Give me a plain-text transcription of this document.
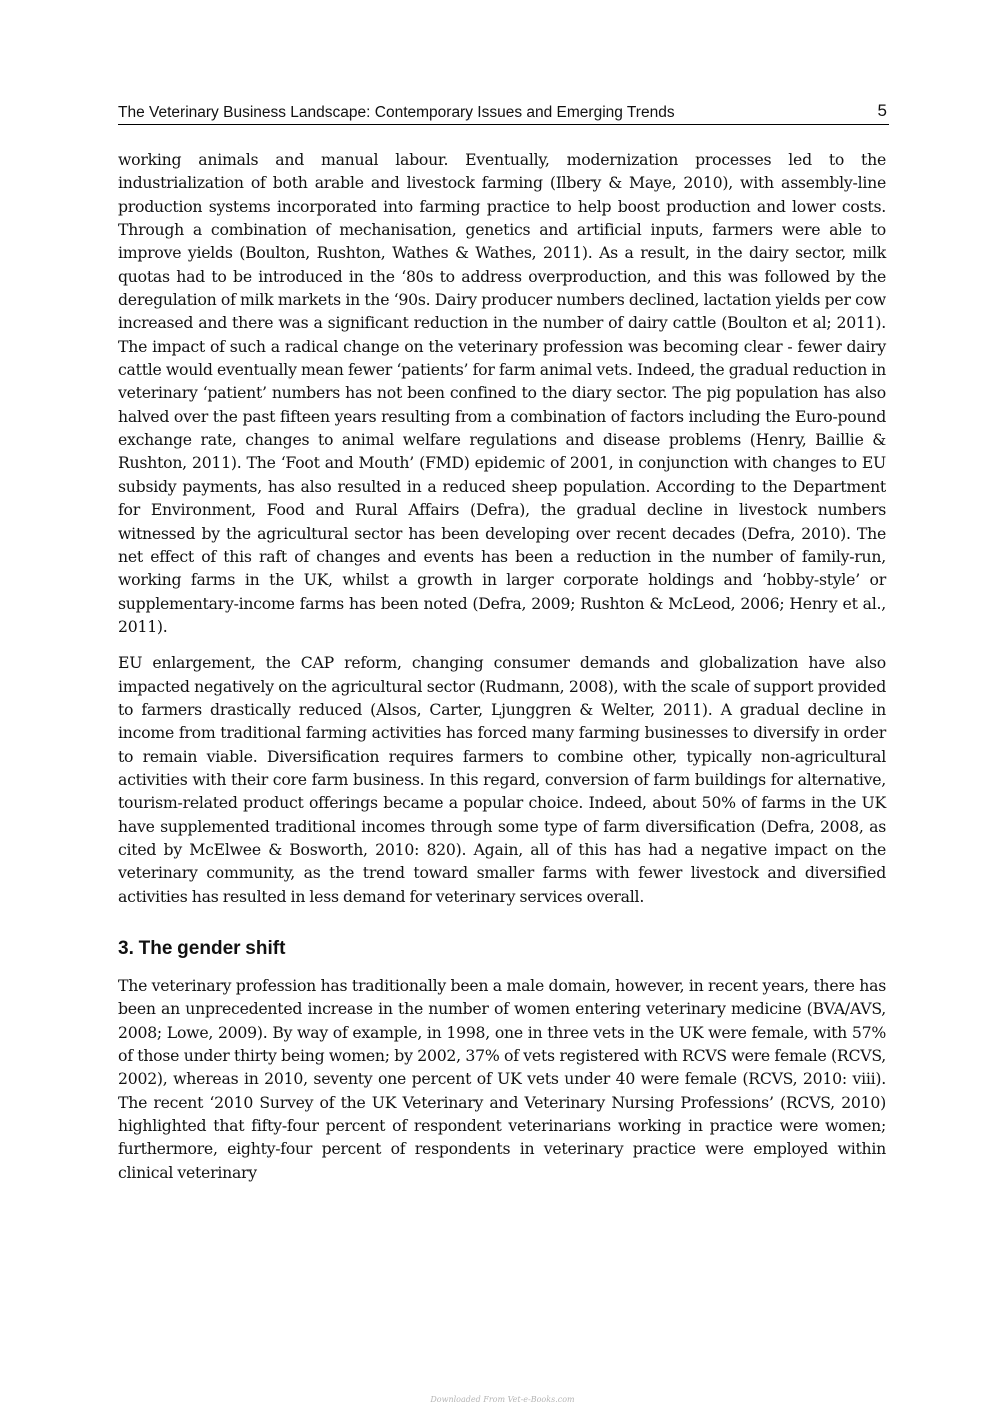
The Veterinary Business Landscape: Contemporary Issues and Emerging Trends	5

working animals and manual labour. Eventually, modernization processes led to the industrialization of both arable and livestock farming (Ilbery & Maye, 2010), with assembly-line production systems incorporated into farming practice to help boost production and lower costs. Through a combination of mechanisation, genetics and artificial inputs, farmers were able to improve yields (Boulton, Rushton, Wathes & Wathes, 2011). As a result, in the dairy sector, milk quotas had to be introduced in the ‘80s to address overproduction, and this was followed by the deregulation of milk markets in the ‘90s. Dairy producer numbers declined, lactation yields per cow increased and there was a significant reduction in the number of dairy cattle (Boulton et al; 2011). The impact of such a radical change on the veterinary profession was becoming clear - fewer dairy cattle would eventually mean fewer ‘patients’ for farm animal vets. Indeed, the gradual reduction in veterinary ‘patient’ numbers has not been confined to the diary sector. The pig population has also halved over the past fifteen years resulting from a combination of factors including the Euro-pound exchange rate, changes to animal welfare regulations and disease problems (Henry, Baillie & Rushton, 2011). The ‘Foot and Mouth’ (FMD) epidemic of 2001, in conjunction with changes to EU subsidy payments, has also resulted in a reduced sheep population. According to the Department for Environment, Food and Rural Affairs (Defra), the gradual decline in livestock numbers witnessed by the agricultural sector has been developing over recent decades (Defra, 2010). The net effect of this raft of changes and events has been a reduction in the number of family-run, working farms in the UK, whilst a growth in larger corporate holdings and ‘hobby-style’ or supplementary-income farms has been noted (Defra, 2009; Rushton & McLeod, 2006; Henry et al., 2011).

EU enlargement, the CAP reform, changing consumer demands and globalization have also impacted negatively on the agricultural sector (Rudmann, 2008), with the scale of support provided to farmers drastically reduced (Alsos, Carter, Ljunggren & Welter, 2011). A gradual decline in income from traditional farming activities has forced many farming businesses to diversify in order to remain viable. Diversification requires farmers to combine other, typically non-agricultural activities with their core farm business. In this regard, conversion of farm buildings for alternative, tourism-related product offerings became a popular choice. Indeed, about 50% of farms in the UK have supplemented traditional incomes through some type of farm diversification (Defra, 2008, as cited by McElwee & Bosworth, 2010: 820). Again, all of this has had a negative impact on the veterinary community, as the trend toward smaller farms with fewer livestock and diversified activities has resulted in less demand for veterinary services overall.

3. The gender shift

The veterinary profession has traditionally been a male domain, however, in recent years, there has been an unprecedented increase in the number of women entering veterinary medicine (BVA/AVS, 2008; Lowe, 2009). By way of example, in 1998, one in three vets in the UK were female, with 57% of those under thirty being women; by 2002, 37% of vets registered with RCVS were female (RCVS, 2002), whereas in 2010, seventy one percent of UK vets under 40 were female (RCVS, 2010: viii). The recent ‘2010 Survey of the UK Veterinary and Veterinary Nursing Professions’ (RCVS, 2010) highlighted that fifty-four percent of respondent veterinarians working in practice were women; furthermore, eighty-four percent of respondents in veterinary practice were employed within clinical veterinary

Downloaded From Vet-e-Books.com
